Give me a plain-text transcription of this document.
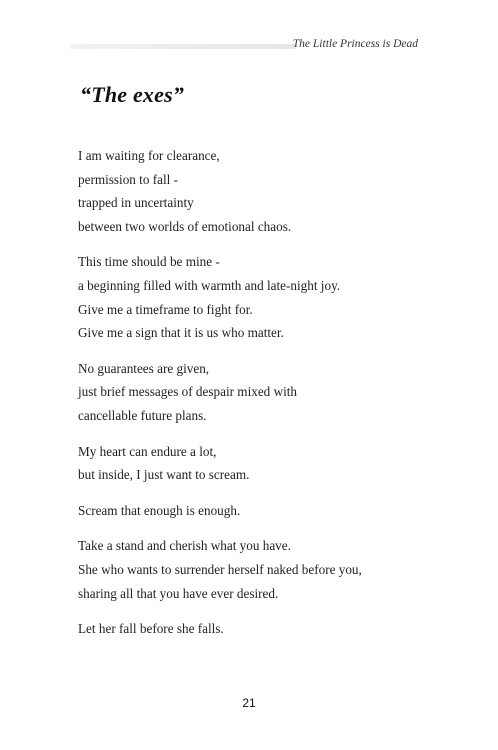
The Little Princess is Dead
“The exes”

I am waiting for clearance,
permission to fall -
trapped in uncertainty
between two worlds of emotional chaos.

This time should be mine -
a beginning filled with warmth and late-night joy.
Give me a timeframe to fight for.
Give me a sign that it is us who matter.

No guarantees are given,
just brief messages of despair mixed with
cancellable future plans.

My heart can endure a lot,
but inside, I just want to scream.

Scream that enough is enough.

Take a stand and cherish what you have.
She who wants to surrender herself naked before you,
sharing all that you have ever desired.

Let her fall before she falls.

21
